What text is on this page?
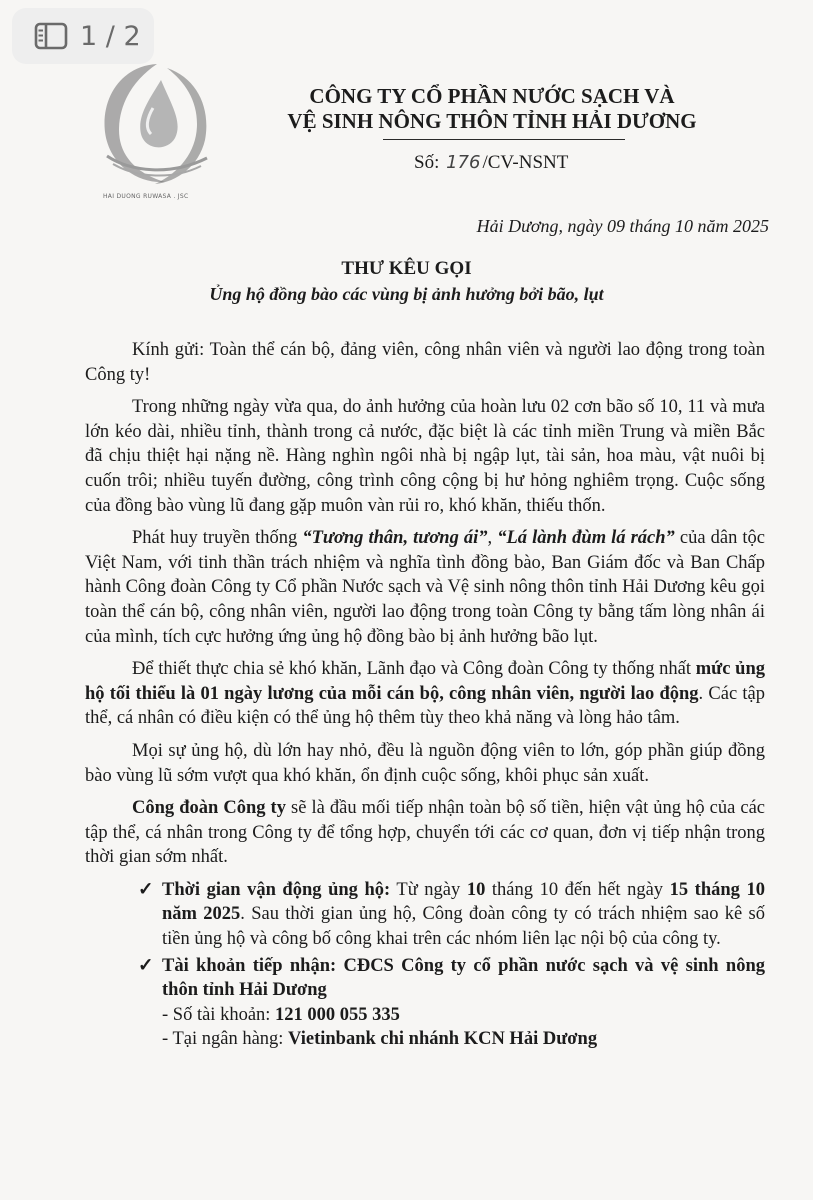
1 / 2
HAI DUONG RUWASA . JSC
CÔNG TY CỔ PHẦN NƯỚC SẠCH VÀ
VỆ SINH NÔNG THÔN TỈNH HẢI DƯƠNG
Số: 176 /CV-NSNT
Hải Dương, ngày 09 tháng 10 năm 2025
THƯ KÊU GỌI
Ủng hộ đồng bào các vùng bị ảnh hưởng bởi bão, lụt

Kính gửi: Toàn thể cán bộ, đảng viên, công nhân viên và người lao động trong toàn Công ty!

Trong những ngày vừa qua, do ảnh hưởng của hoàn lưu 02 cơn bão số 10, 11 và mưa lớn kéo dài, nhiều tỉnh, thành trong cả nước, đặc biệt là các tỉnh miền Trung và miền Bắc đã chịu thiệt hại nặng nề. Hàng nghìn ngôi nhà bị ngập lụt, tài sản, hoa màu, vật nuôi bị cuốn trôi; nhiều tuyến đường, công trình công cộng bị hư hỏng nghiêm trọng. Cuộc sống của đồng bào vùng lũ đang gặp muôn vàn rủi ro, khó khăn, thiếu thốn.

Phát huy truyền thống “Tương thân, tương ái”, “Lá lành đùm lá rách” của dân tộc Việt Nam, với tinh thần trách nhiệm và nghĩa tình đồng bào, Ban Giám đốc và Ban Chấp hành Công đoàn Công ty Cổ phần Nước sạch và Vệ sinh nông thôn tỉnh Hải Dương kêu gọi toàn thể cán bộ, công nhân viên, người lao động trong toàn Công ty bằng tấm lòng nhân ái của mình, tích cực hưởng ứng ủng hộ đồng bào bị ảnh hưởng bão lụt.

Để thiết thực chia sẻ khó khăn, Lãnh đạo và Công đoàn Công ty thống nhất mức ủng hộ tối thiểu là 01 ngày lương của mỗi cán bộ, công nhân viên, người lao động. Các tập thể, cá nhân có điều kiện có thể ủng hộ thêm tùy theo khả năng và lòng hảo tâm.

Mọi sự ủng hộ, dù lớn hay nhỏ, đều là nguồn động viên to lớn, góp phần giúp đồng bào vùng lũ sớm vượt qua khó khăn, ổn định cuộc sống, khôi phục sản xuất.

Công đoàn Công ty sẽ là đầu mối tiếp nhận toàn bộ số tiền, hiện vật ủng hộ của các tập thể, cá nhân trong Công ty để tổng hợp, chuyển tới các cơ quan, đơn vị tiếp nhận trong thời gian sớm nhất.

✓ Thời gian vận động ủng hộ: Từ ngày 10 tháng 10 đến hết ngày 15 tháng 10 năm 2025. Sau thời gian ủng hộ, Công đoàn công ty có trách nhiệm sao kê số tiền ủng hộ và công bố công khai trên các nhóm liên lạc nội bộ của công ty.
✓ Tài khoản tiếp nhận: CĐCS Công ty cổ phần nước sạch và vệ sinh nông thôn tỉnh Hải Dương
- Số tài khoản: 121 000 055 335
- Tại ngân hàng: Vietinbank chi nhánh KCN Hải Dương
